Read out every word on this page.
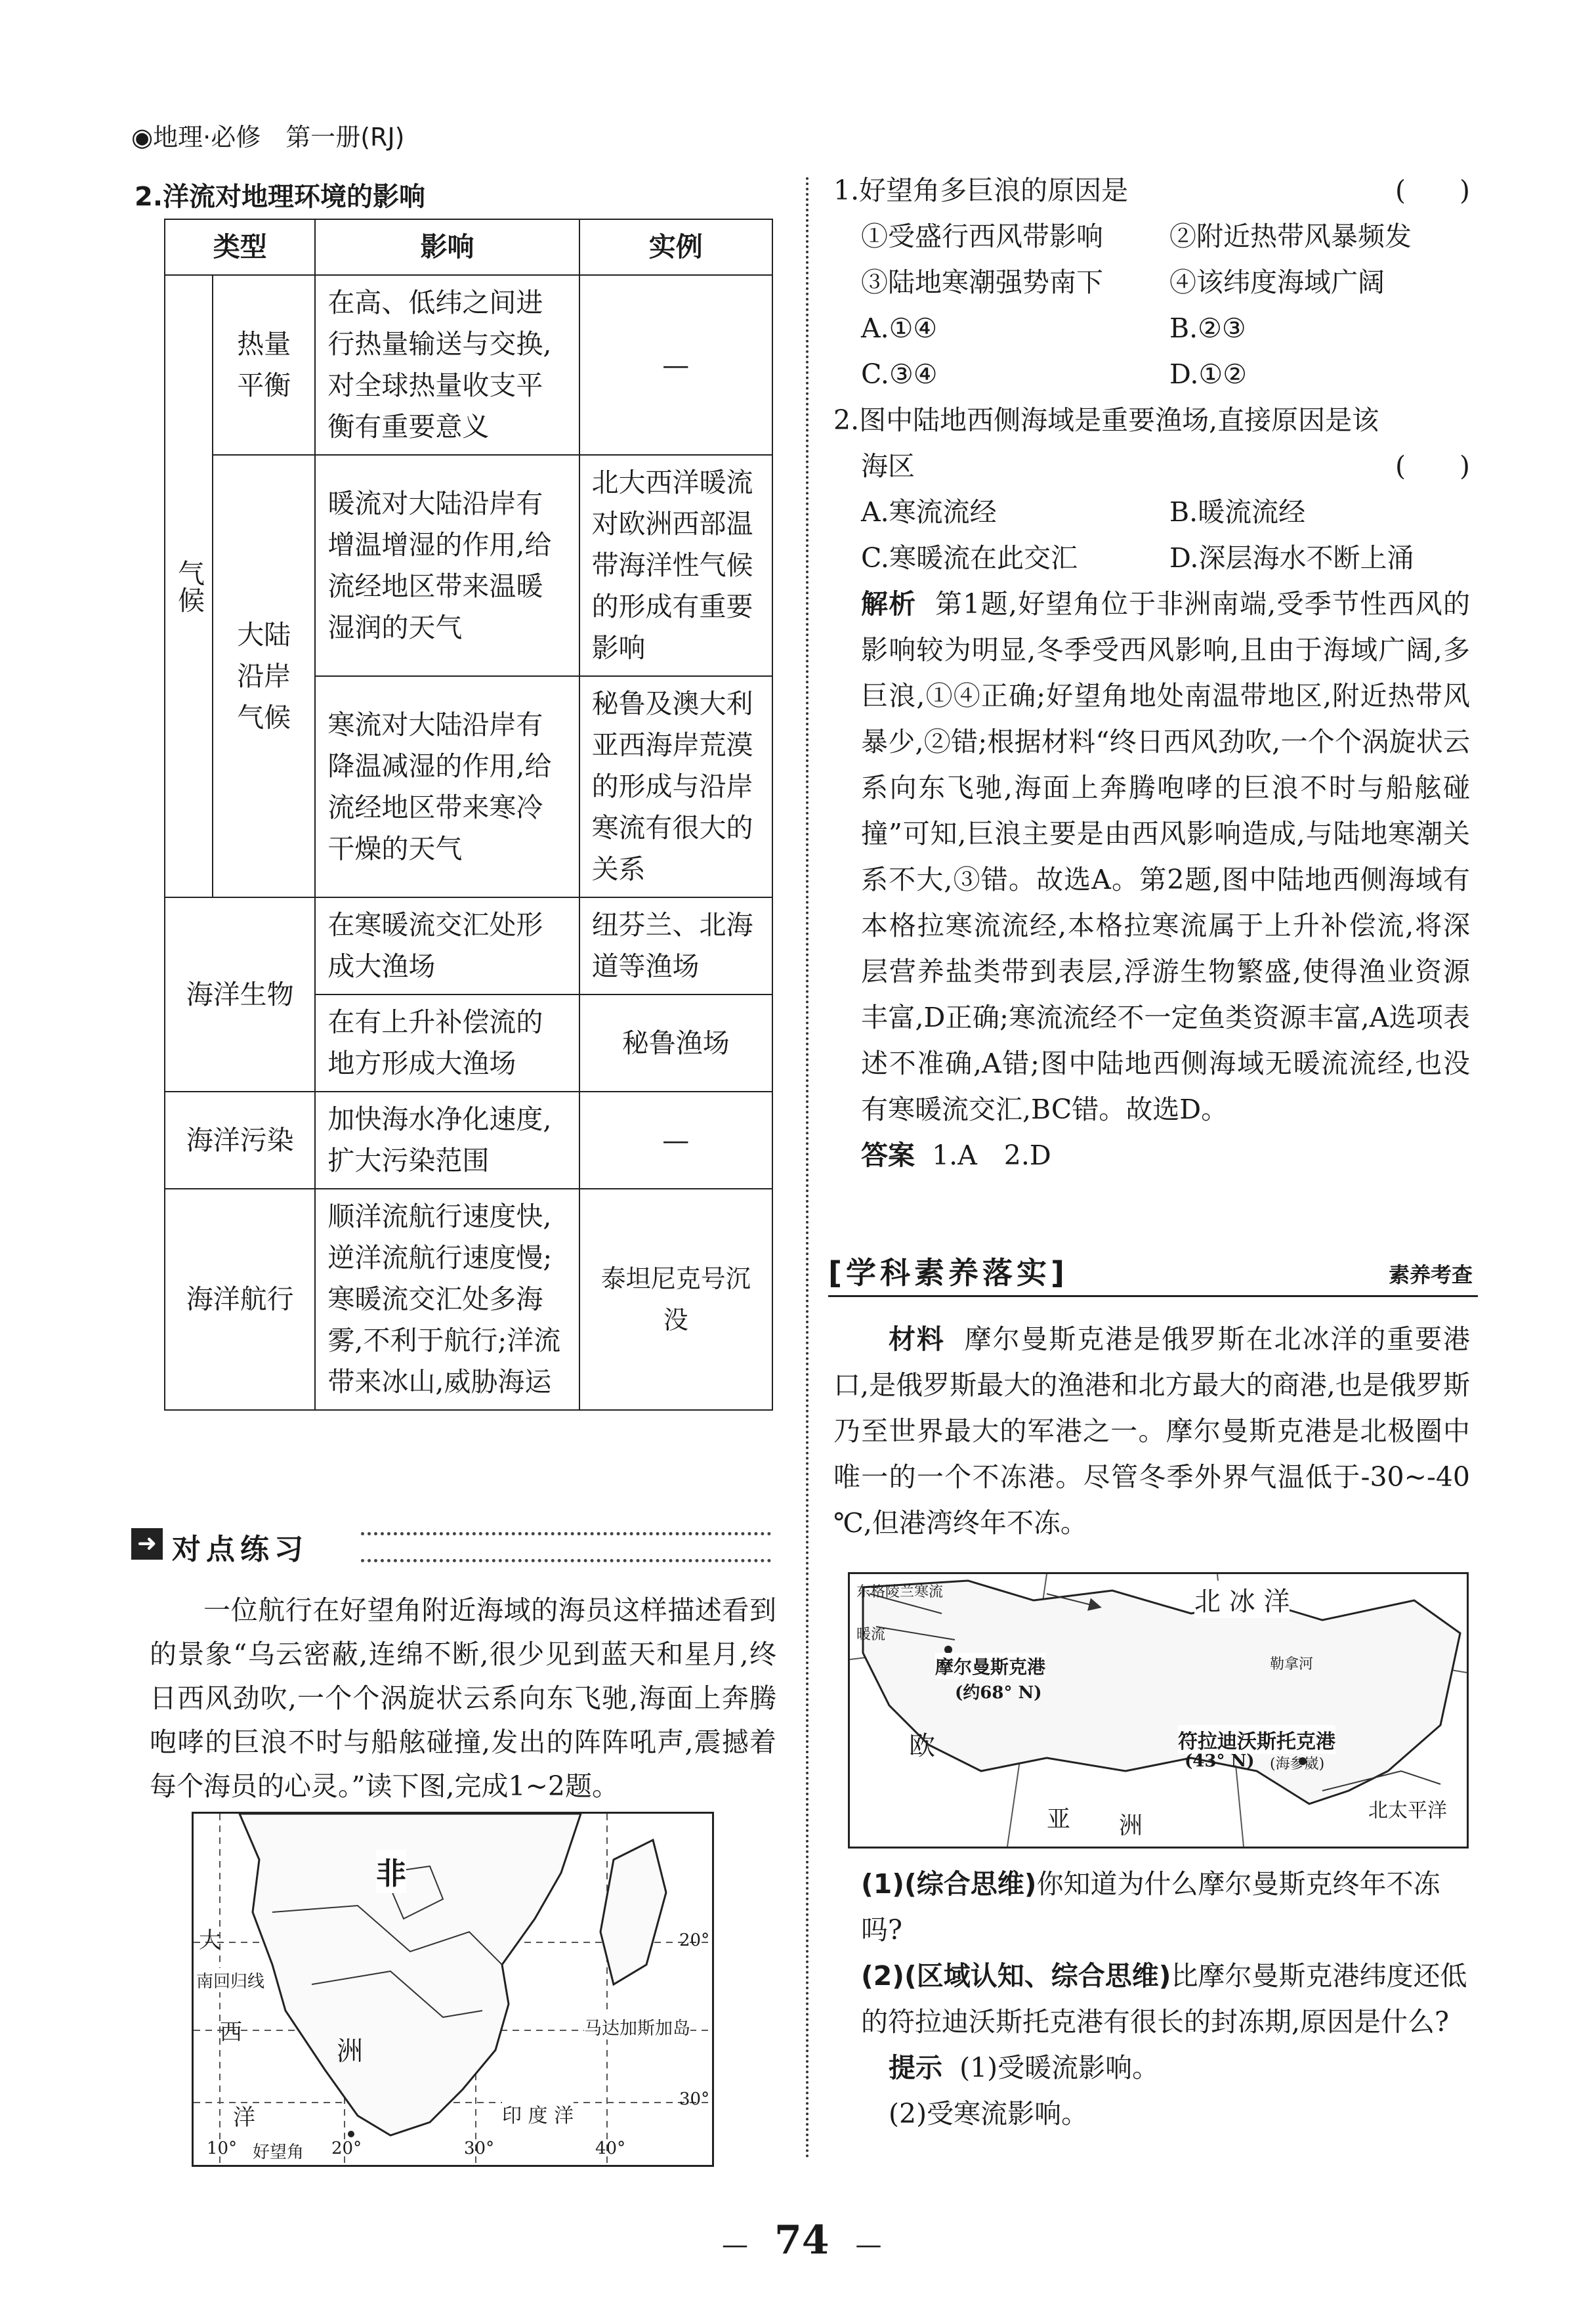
◉地理·必修　第一册(RJ)
2.洋流对地理环境的影响
类型		影响	实例
气候	热量平衡	在高、低纬之间进行热量输送与交换,对全球热量收支平衡有重要意义	—
	大陆沿岸气候	暖流对大陆沿岸有增温增湿的作用,给流经地区带来温暖湿润的天气	北大西洋暖流对欧洲西部温带海洋性气候的形成有重要影响
		寒流对大陆沿岸有降温减湿的作用,给流经地区带来寒冷干燥的天气	秘鲁及澳大利亚西海岸荒漠的形成与沿岸寒流有很大的关系
海洋生物		在寒暖流交汇处形成大渔场	纽芬兰、北海道等渔场
		在有上升补偿流的地方形成大渔场	秘鲁渔场
海洋污染		加快海水净化速度,扩大污染范围	—
海洋航行		顺洋流航行速度快,逆洋流航行速度慢;寒暖流交汇处多海雾,不利于航行;洋流带来冰山,威胁海运	泰坦尼克号沉没
➜ 对点练习
一位航行在好望角附近海域的海员这样描述看到的景象“乌云密蔽,连绵不断,很少见到蓝天和星月,终日西风劲吹,一个个涡旋状云系向东飞驰,海面上奔腾咆哮的巨浪不时与船舷碰撞,发出的阵阵吼声,震撼着每个海员的心灵。”读下图,完成1~2题。
非
大
南回归线
西
洋
洲
印 度 洋
马达加斯加岛
20°
30°
10° 好望角 20°	30°	40°
1.好望角多巨浪的原因是	(　　)
①受盛行西风带影响	②附近热带风暴频发
③陆地寒潮强势南下	④该纬度海域广阔
A.①④	B.②③
C.③④	D.①②
2.图中陆地西侧海域是重要渔场,直接原因是该
海区	(　　)
A.寒流流经	B.暖流流经
C.寒暖流在此交汇	D.深层海水不断上涌
解析 第1题,好望角位于非洲南端,受季节性西风的影响较为明显,冬季受西风影响,且由于海域广阔,多巨浪,①④正确;好望角地处南温带地区,附近热带风暴少,②错;根据材料“终日西风劲吹,一个个涡旋状云系向东飞驰,海面上奔腾咆哮的巨浪不时与船舷碰撞”可知,巨浪主要是由西风影响造成,与陆地寒潮关系不大,③错。故选A。第2题,图中陆地西侧海域有本格拉寒流流经,本格拉寒流属于上升补偿流,将深层营养盐类带到表层,浮游生物繁盛,使得渔业资源丰富,D正确;寒流流经不一定鱼类资源丰富,A选项表述不准确,A错;图中陆地西侧海域无暖流流经,也没有寒暖流交汇,BC错。故选D。
答案 1.A　2.D
[学科素养落实]	素养考查
材料 摩尔曼斯克港是俄罗斯在北冰洋的重要港口,是俄罗斯最大的渔港和北方最大的商港,也是俄罗斯乃至世界最大的军港之一。摩尔曼斯克港是北极圈中唯一的一个不冻港。尽管冬季外界气温低于-30~-40 ℃,但港湾终年不冻。
东格陵兰寒流
暖流
北 冰 洋
摩尔曼斯克港
(约68° N)
勒拿河
欧	符拉迪沃斯托克港
(43° N) (海参崴)
亚 洲
北太平洋
(1)(综合思维)你知道为什么摩尔曼斯克终年不冻吗?
(2)(区域认知、综合思维)比摩尔曼斯克港纬度还低的符拉迪沃斯托克港有很长的封冻期,原因是什么?
提示 (1)受暖流影响。
(2)受寒流影响。
—　74　—
